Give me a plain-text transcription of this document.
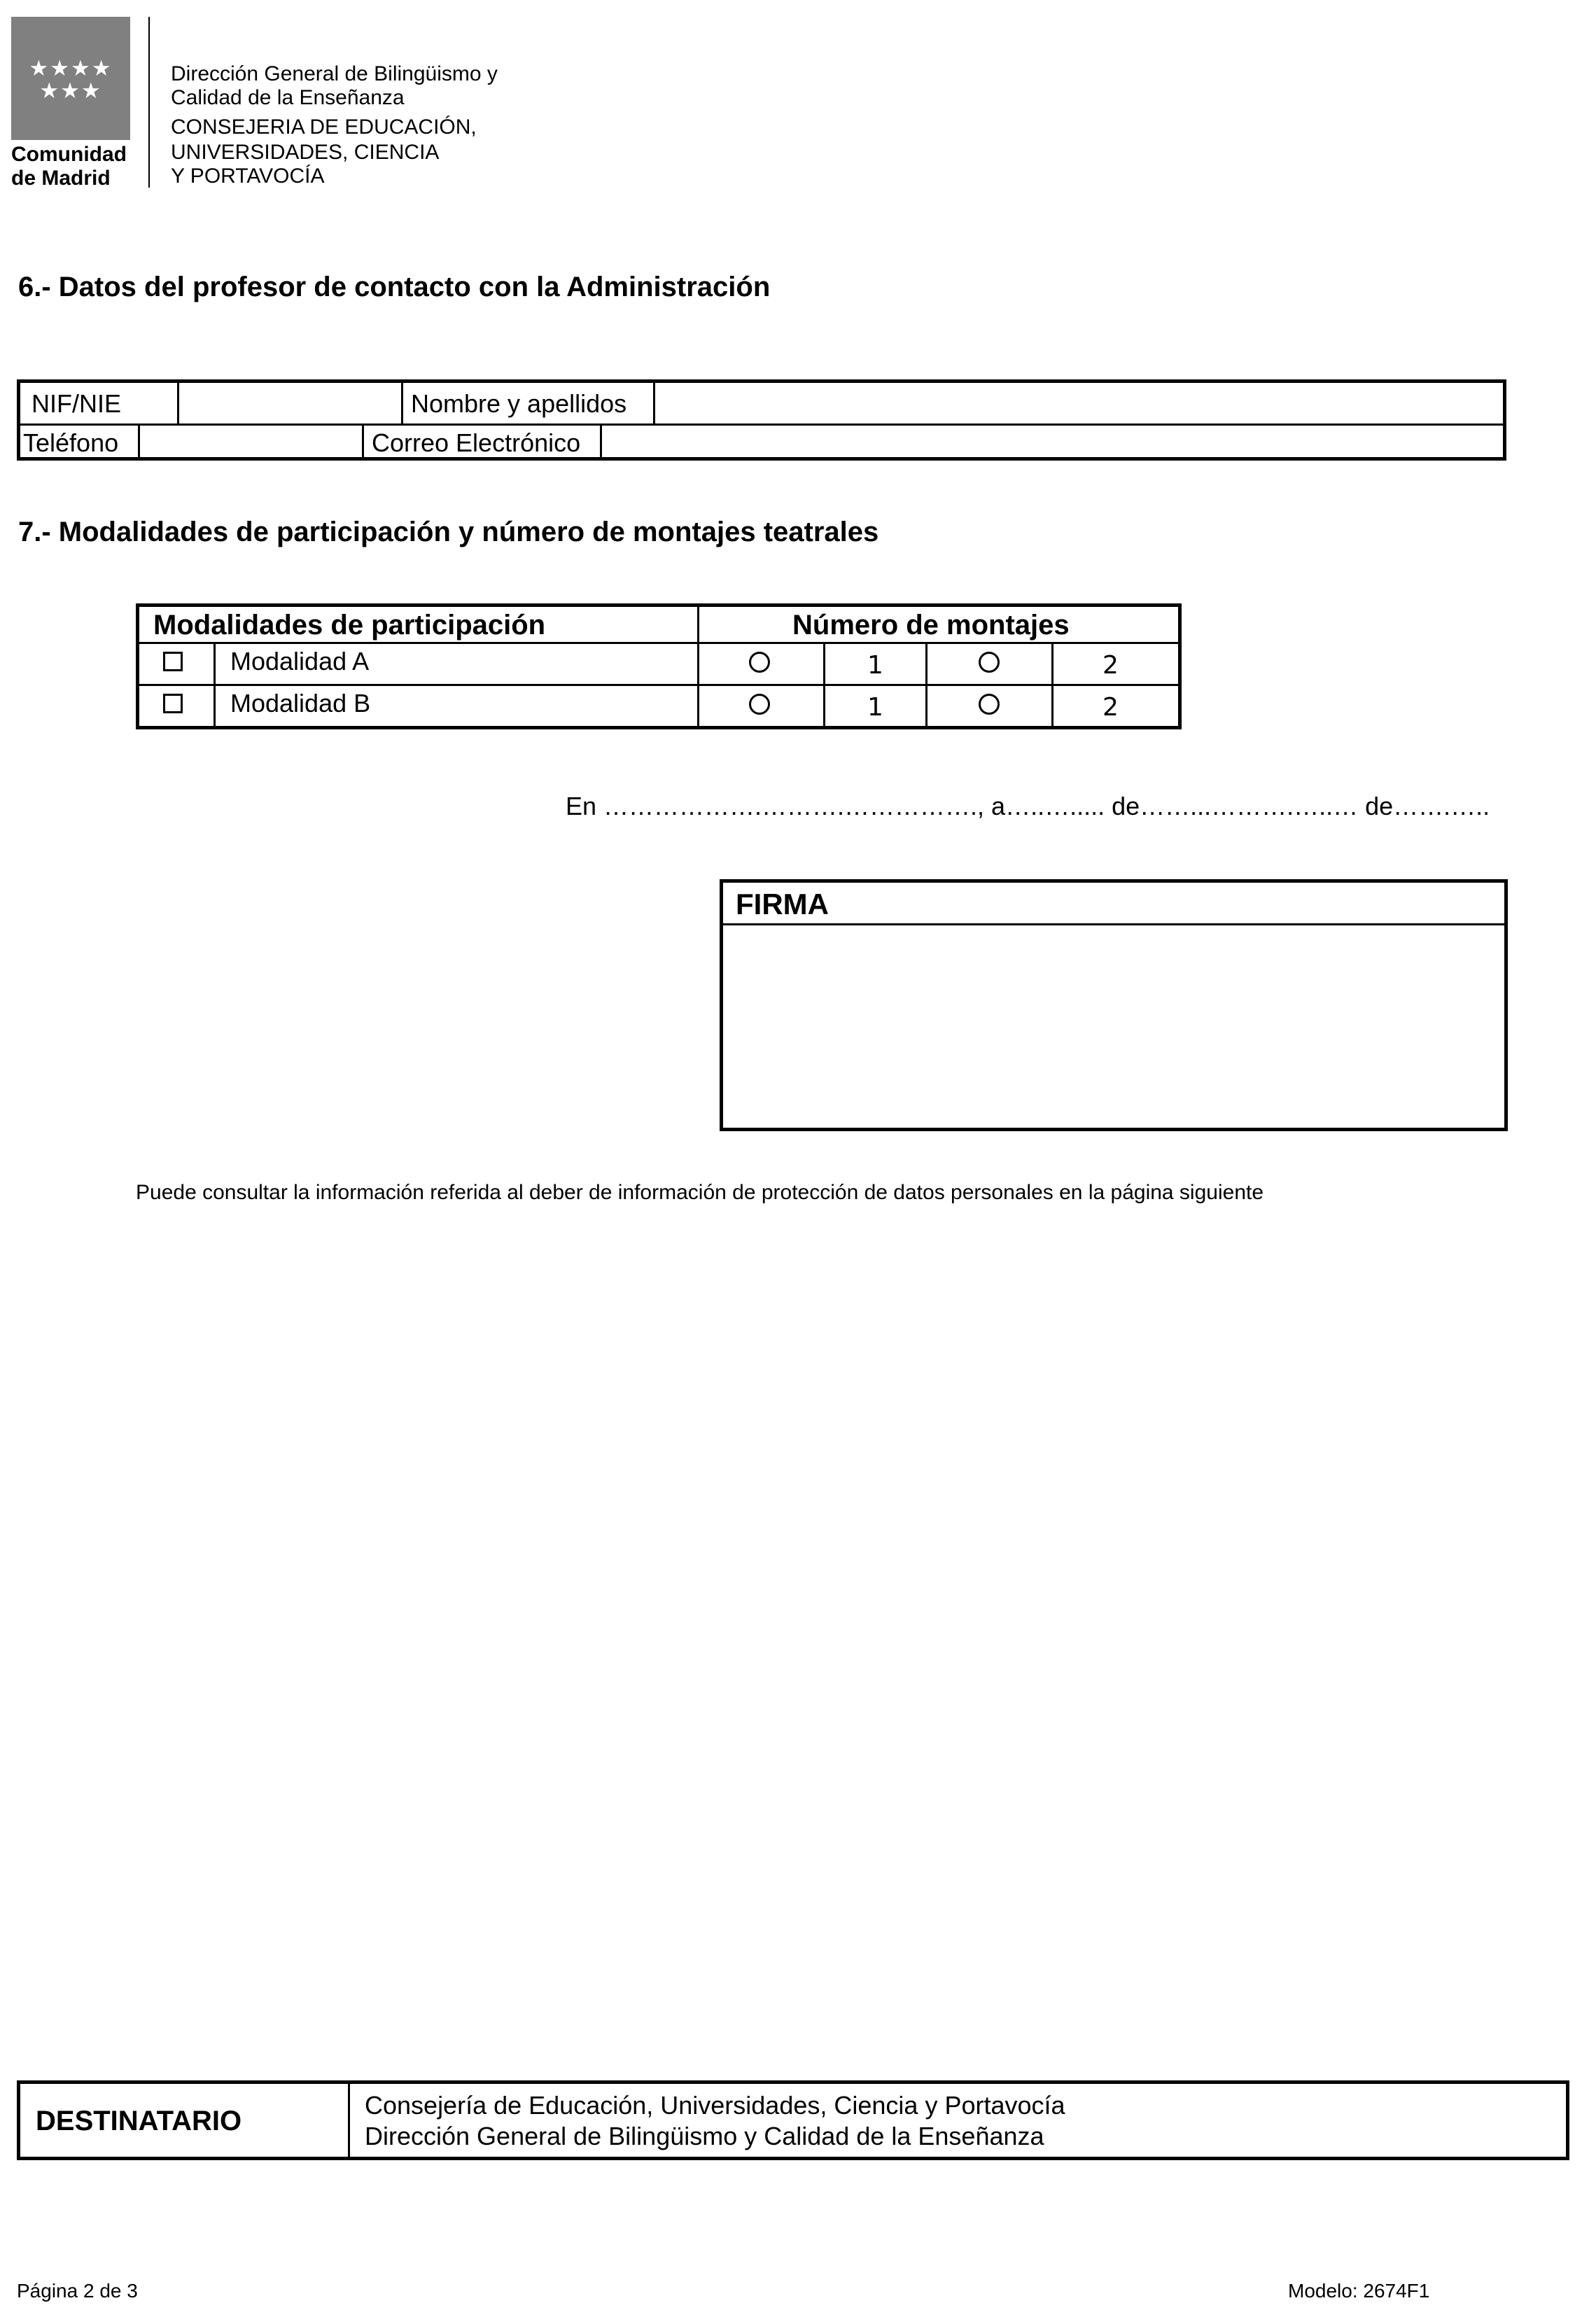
★★★★
★★★
Comunidad
de Madrid
Dirección General de Bilingüismo y
Calidad de la Enseñanza
CONSEJERIA DE EDUCACIÓN,
UNIVERSIDADES, CIENCIA
Y PORTAVOCÍA
6.- Datos del profesor de contacto con la Administración
NIF/NIE	Nombre y apellidos
Teléfono	Correo Electrónico
7.- Modalidades de participación y número de montajes teatrales
Modalidades de participación	Número de montajes
Modalidad A	1	2
Modalidad B	1	2
En ……………….……….……………., a…..…..... de……...……….…..… de…….…..
FIRMA
Puede consultar la información referida al deber de información de protección de datos personales en la página siguiente
DESTINATARIO
Consejería de Educación, Universidades, Ciencia y Portavocía
Dirección General de Bilingüismo y Calidad de la Enseñanza
Página 2 de 3	Modelo: 2674F1
